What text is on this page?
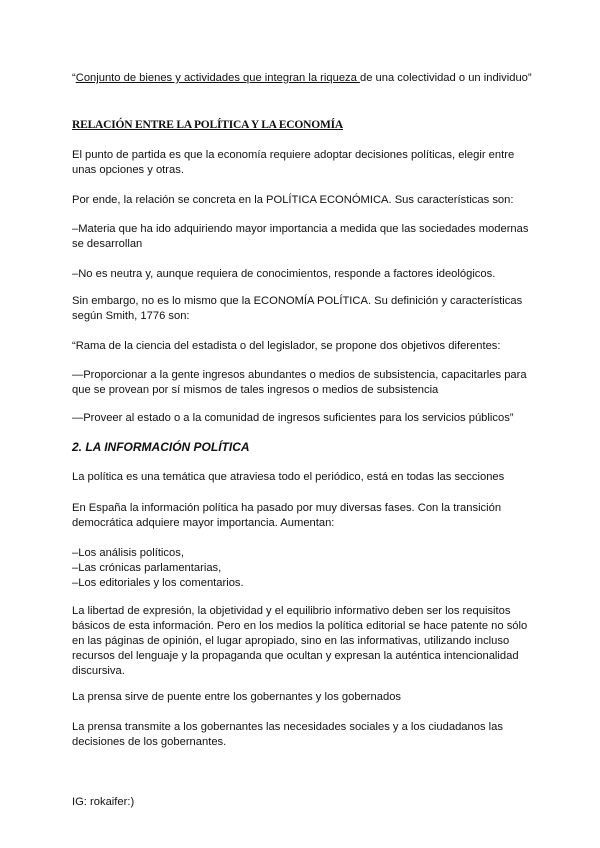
“Conjunto de bienes y actividades que integran la riqueza de una colectividad o un individuo”

RELACIÓN ENTRE LA POLÍTICA Y LA ECONOMÍA

El punto de partida es que la economía requiere adoptar decisiones políticas, elegir entre unas opciones y otras.

Por ende, la relación se concreta en la POLÍTICA ECONÓMICA. Sus características son:

–Materia que ha ido adquiriendo mayor importancia a medida que las sociedades modernas se desarrollan

–No es neutra y, aunque requiera de conocimientos, responde a factores ideológicos.

Sin embargo, no es lo mismo que la ECONOMÍA POLÍTICA. Su definición y características según Smith, 1776 son:

“Rama de la ciencia del estadista o del legislador, se propone dos objetivos diferentes:

—Proporcionar a la gente ingresos abundantes o medios de subsistencia, capacitarles para que se provean por sí mismos de tales ingresos o medios de subsistencia

—Proveer al estado o a la comunidad de ingresos suficientes para los servicios públicos”

2. LA INFORMACIÓN POLÍTICA

La política es una temática que atraviesa todo el periódico, está en todas las secciones

En España la información política ha pasado por muy diversas fases. Con la transición democrática adquiere mayor importancia. Aumentan:

–Los análisis políticos,

–Las crónicas parlamentarias,

–Los editoriales y los comentarios.

La libertad de expresión, la objetividad y el equilibrio informativo deben ser los requisitos básicos de esta información. Pero en los medios la política editorial se hace patente no sólo en las páginas de opinión, el lugar apropiado, sino en las informativas, utilizando incluso recursos del lenguaje y la propaganda que ocultan y expresan la auténtica intencionalidad discursiva.

La prensa sirve de puente entre los gobernantes y los gobernados

La prensa transmite a los gobernantes las necesidades sociales y a los ciudadanos las decisiones de los gobernantes.

IG: rokaifer:)
